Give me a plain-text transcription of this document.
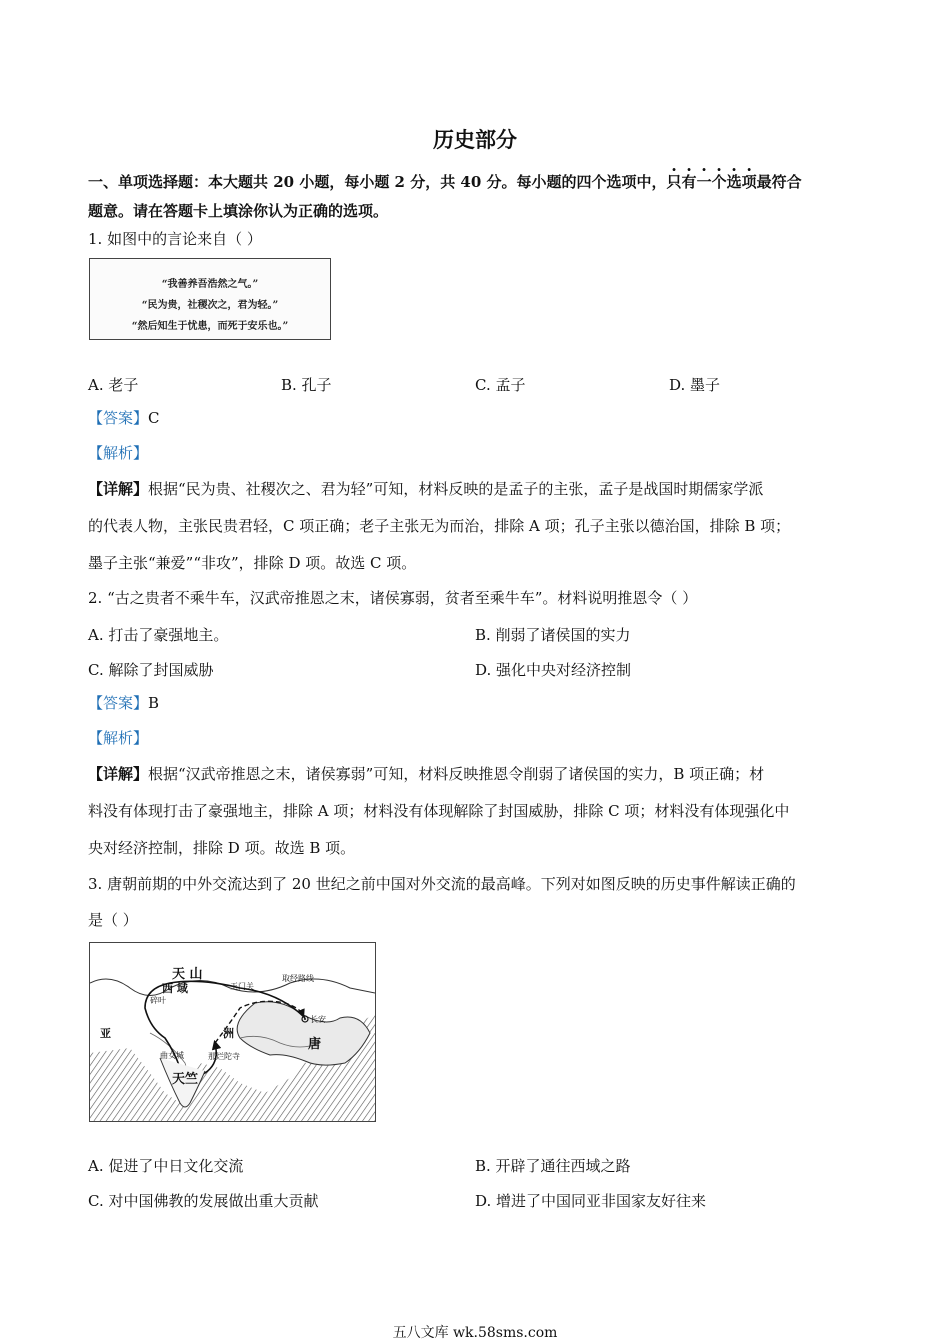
历史部分
一、单项选择题：本大题共 20 小题，每小题 2 分，共 40 分。每小题的四个选项中，只有一个选项最符合
题意。请在答题卡上填涂你认为正确的选项。
1. 如图中的言论来自（ ）
“我善养吾浩然之气。”
“民为贵，社稷次之，君为轻。”
“然后知生于忧患，而死于安乐也。”
A. 老子	B. 孔子	C. 孟子	D. 墨子
【答案】C
【解析】
【详解】根据“民为贵、社稷次之、君为轻”可知，材料反映的是孟子的主张，孟子是战国时期儒家学派
的代表人物，主张民贵君轻，C 项正确；老子主张无为而治，排除 A 项；孔子主张以德治国，排除 B 项；
墨子主张“兼爱”“非攻”，排除 D 项。故选 C 项。
2. “古之贵者不乘牛车，汉武帝推恩之末，诸侯寡弱，贫者至乘牛车”。材料说明推恩令（ ）
A. 打击了豪强地主。	B. 削弱了诸侯国的实力
C. 解除了封国威胁	D. 强化中央对经济控制
【答案】B
【解析】
【详解】根据“汉武帝推恩之末，诸侯寡弱”可知，材料反映推恩令削弱了诸侯国的实力，B 项正确；材
料没有体现打击了豪强地主，排除 A 项；材料没有体现解除了封国威胁，排除 C 项；材料没有体现强化中
央对经济控制，排除 D 项。故选 B 项。
3. 唐朝前期的中外交流达到了 20 世纪之前中国对外交流的最高峰。下列对如图反映的历史事件解读正确的
是（ ）
天 山
西 域	玉门关
碎叶
长安
取经路线
亚	洲
唐
曲女城	那烂陀寺
天竺
A. 促进了中日文化交流	B. 开辟了通往西域之路
C. 对中国佛教的发展做出重大贡献	D. 增进了中国同亚非国家友好往来
五八文库 wk.58sms.com
